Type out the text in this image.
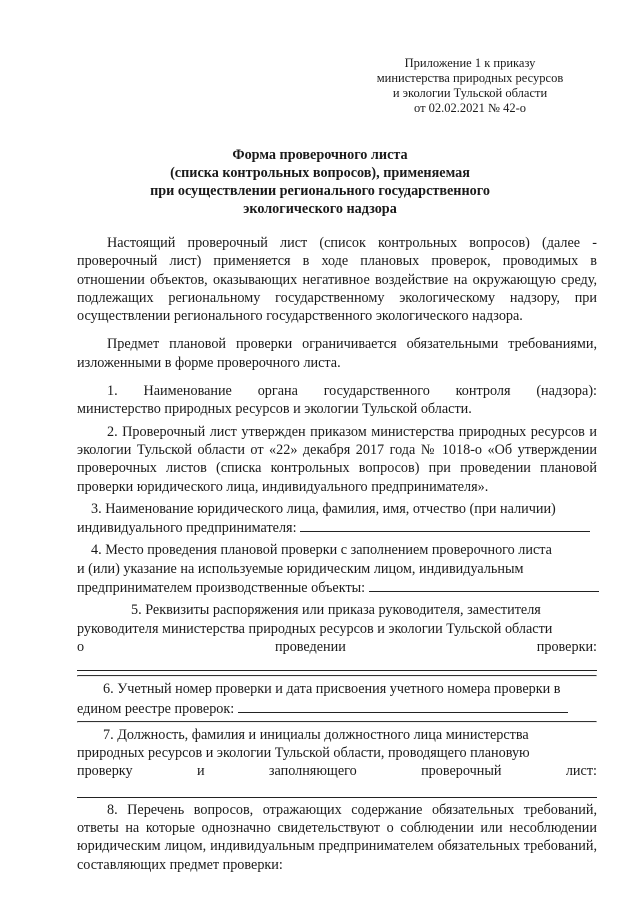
Приложение 1 к приказу
министерства природных ресурсов
и экологии Тульской области
от 02.02.2021 № 42-о
Форма проверочного листа
(списка контрольных вопросов), применяемая
при осуществлении регионального государственного
экологического надзора

Настоящий проверочный лист (список контрольных вопросов) (далее - проверочный лист) применяется в ходе плановых проверок, проводимых в отношении объектов, оказывающих негативное воздействие на окружающую среду, подлежащих региональному государственному экологическому надзору, при осуществлении регионального государственного экологического надзора.

Предмет плановой проверки ограничивается обязательными требованиями, изложенными в форме проверочного листа.

1. Наименование органа государственного контроля (надзора):
министерство природных ресурсов и экологии Тульской области.

2. Проверочный лист утвержден приказом министерства природных ресурсов и экологии Тульской области от «22» декабря 2017 года № 1018-о «Об утверждении проверочных листов (списка контрольных вопросов) при проведении плановой проверки юридического лица, индивидуального предпринимателя».

3. Наименование юридического лица, фамилия, имя, отчество (при наличии)
индивидуального предпринимателя:
4. Место проведения плановой проверки с заполнением проверочного листа
и (или) указание на используемые юридическим лицом, индивидуальным
предпринимателем производственные объекты:
5. Реквизиты распоряжения или приказа руководителя, заместителя
руководителя министерства природных ресурсов и экологии Тульской области
о	проведении	проверки:
6. Учетный номер проверки и дата присвоения учетного номера проверки в
едином реестре проверок:
7. Должность, фамилия и инициалы должностного лица министерства
природных ресурсов и экологии Тульской области, проводящего плановую
проверку	и	заполняющего	проверочный	лист:

8. Перечень вопросов, отражающих содержание обязательных требований, ответы на которые однозначно свидетельствуют о соблюдении или несоблюдении юридическим лицом, индивидуальным предпринимателем обязательных требований, составляющих предмет проверки:
